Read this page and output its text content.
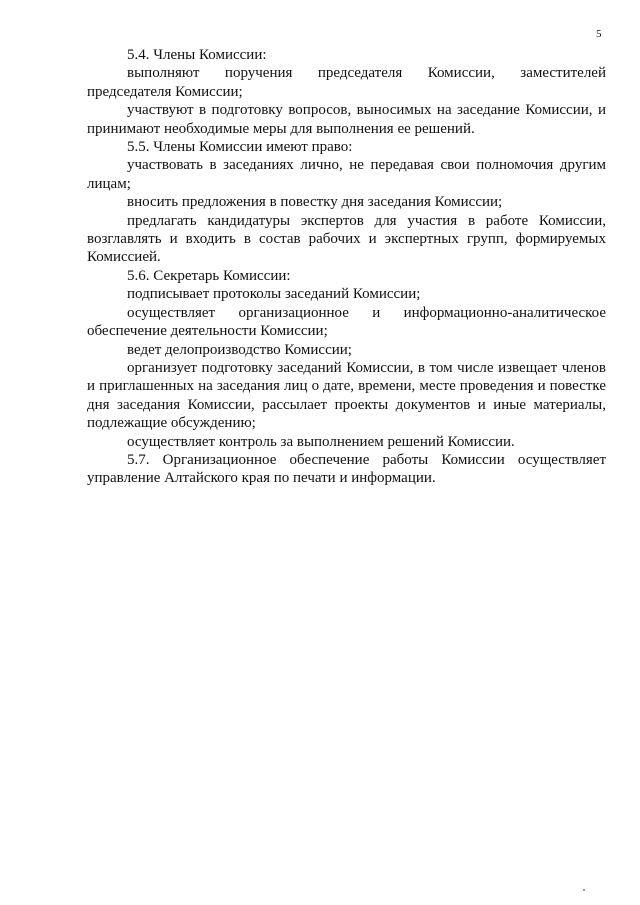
5

5.4. Члены Комиссии:

выполняют поручения председателя Комиссии, заместителей председателя Комиссии;

участвуют в подготовку вопросов, выносимых на заседание Комиссии, и принимают необходимые меры для выполнения ее решений.

5.5. Члены Комиссии имеют право:

участвовать в заседаниях лично, не передавая свои полномочия другим лицам;

вносить предложения в повестку дня заседания Комиссии;

предлагать кандидатуры экспертов для участия в работе Комиссии, возглавлять и входить в состав рабочих и экспертных групп, формируемых Комиссией.

5.6. Секретарь Комиссии:

подписывает протоколы заседаний Комиссии;

осуществляет организационное и информационно-аналитическое обеспечение деятельности Комиссии;

ведет делопроизводство Комиссии;

организует подготовку заседаний Комиссии, в том числе извещает членов и приглашенных на заседания лиц о дате, времени, месте проведения и повестке дня заседания Комиссии, рассылает проекты документов и иные материалы, подлежащие обсуждению;

осуществляет контроль за выполнением решений Комиссии.

5.7. Организационное обеспечение работы Комиссии осуществляет управление Алтайского края по печати и информации.
